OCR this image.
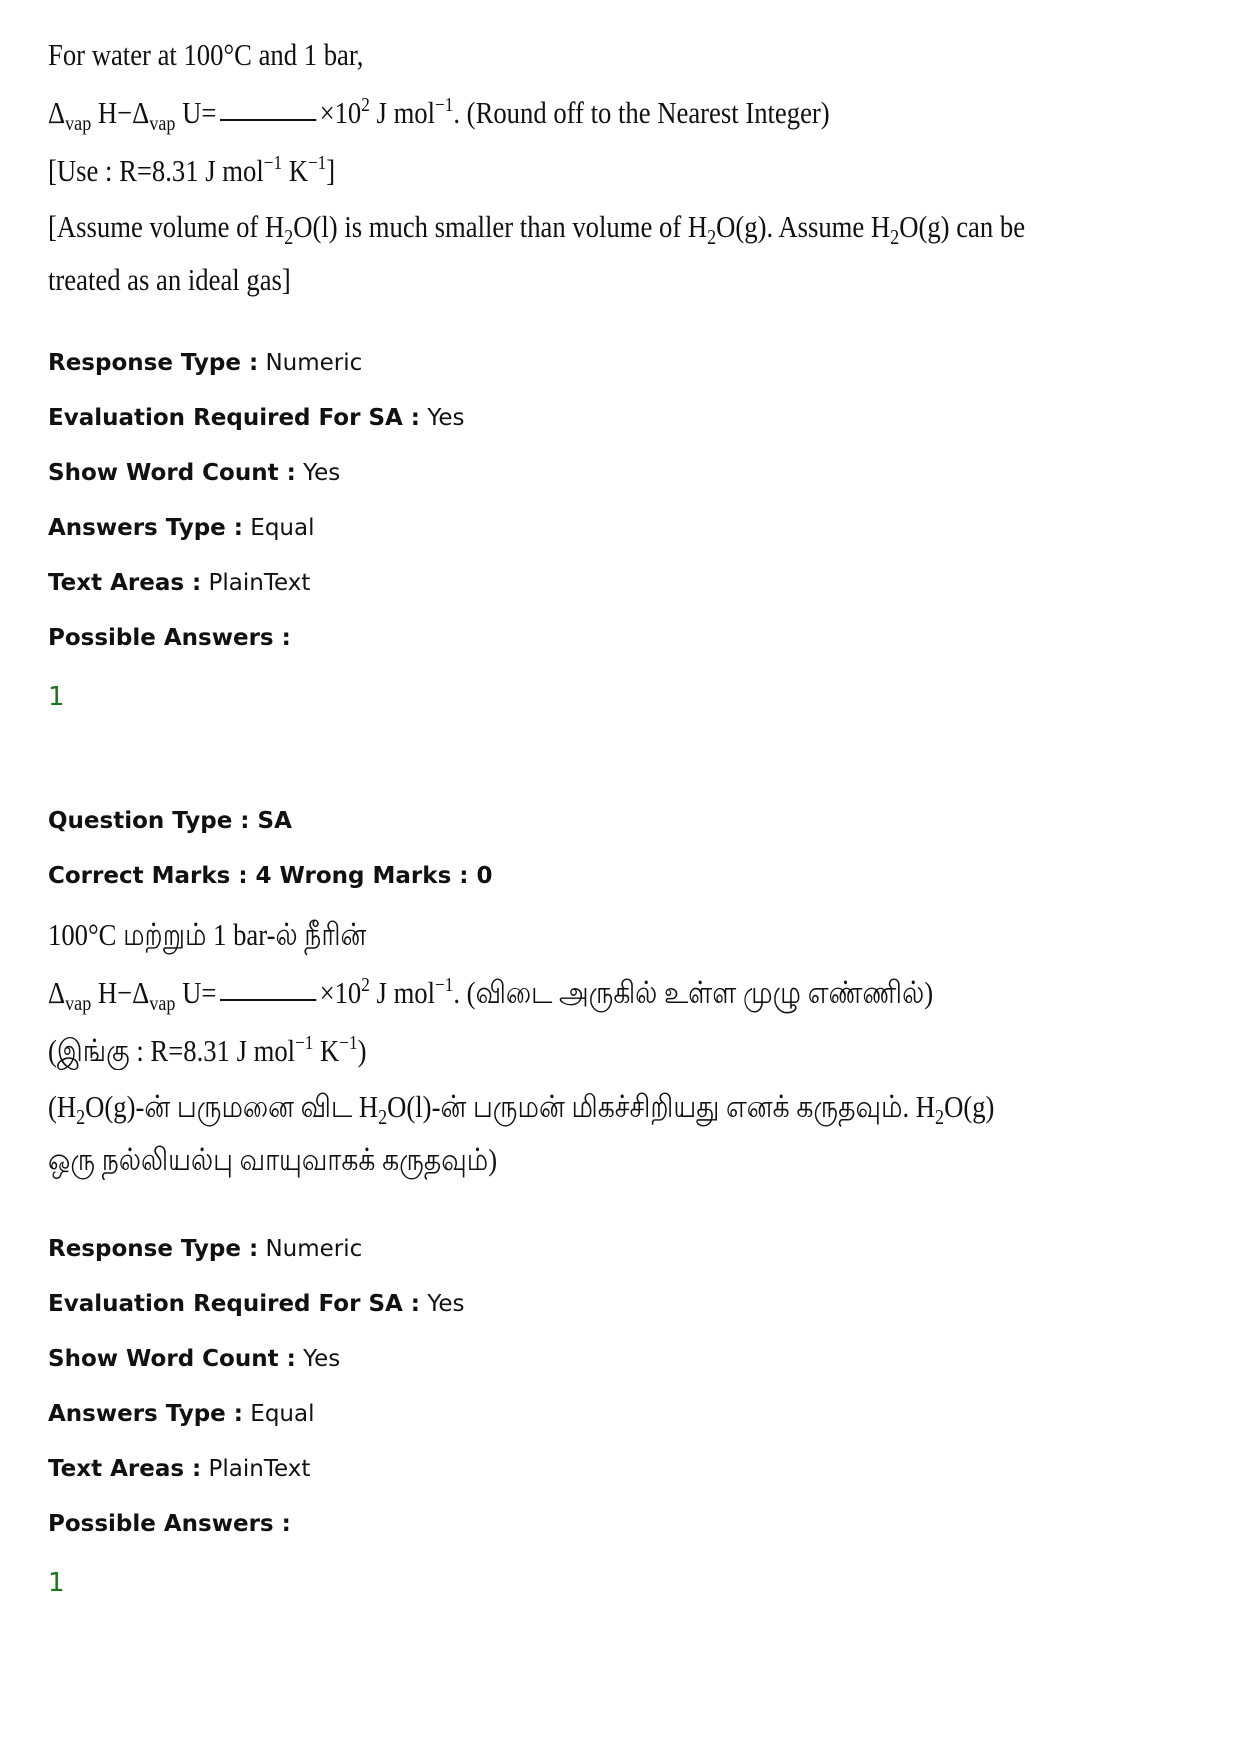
For water at 100°C and 1 bar,

$\Delta_{vap}$ $H-\Delta_{vap}$ U=	$\times 10^2$ J mol$^{-1}$. (Round off to the Nearest Integer)

[Use : R=8.31 J mol$^{-1}$ $K^{-1}$]

[Assume volume of $H_2O(l)$ is much smaller than volume of $H_2O(g)$. Assume $H_2O(g)$ can be

treated as an ideal gas]

Response Type : Numeric

Evaluation Required For SA : Yes

Show Word Count : Yes

Answers Type : Equal

Text Areas : PlainText

Possible Answers :

1

Question Type : SA

Correct Marks : 4 Wrong Marks : 0

100°C மற்றும் 1 bar-ல் நீரின்

$\Delta_{vap}$ $H-\Delta_{vap}$ U=	$\times 10^2$ J mol$^{-1}$. (விடை அருகில் உள்ள முழு எண்ணில்)

(இங்கு : R=8.31 J mol$^{-1}$ $K^{-1}$)

($H_2O(g)-ன்$ பருமனை விட $H_2O(l)-ன்$ பருமன் மிகச்சிறியது எனக் கருதவும். $H_2O(g)$

ஒரு நல்லியல்பு வாயுவாகக் கருதவும்)

Response Type : Numeric

Evaluation Required For SA : Yes

Show Word Count : Yes

Answers Type : Equal

Text Areas : PlainText

Possible Answers :

1
